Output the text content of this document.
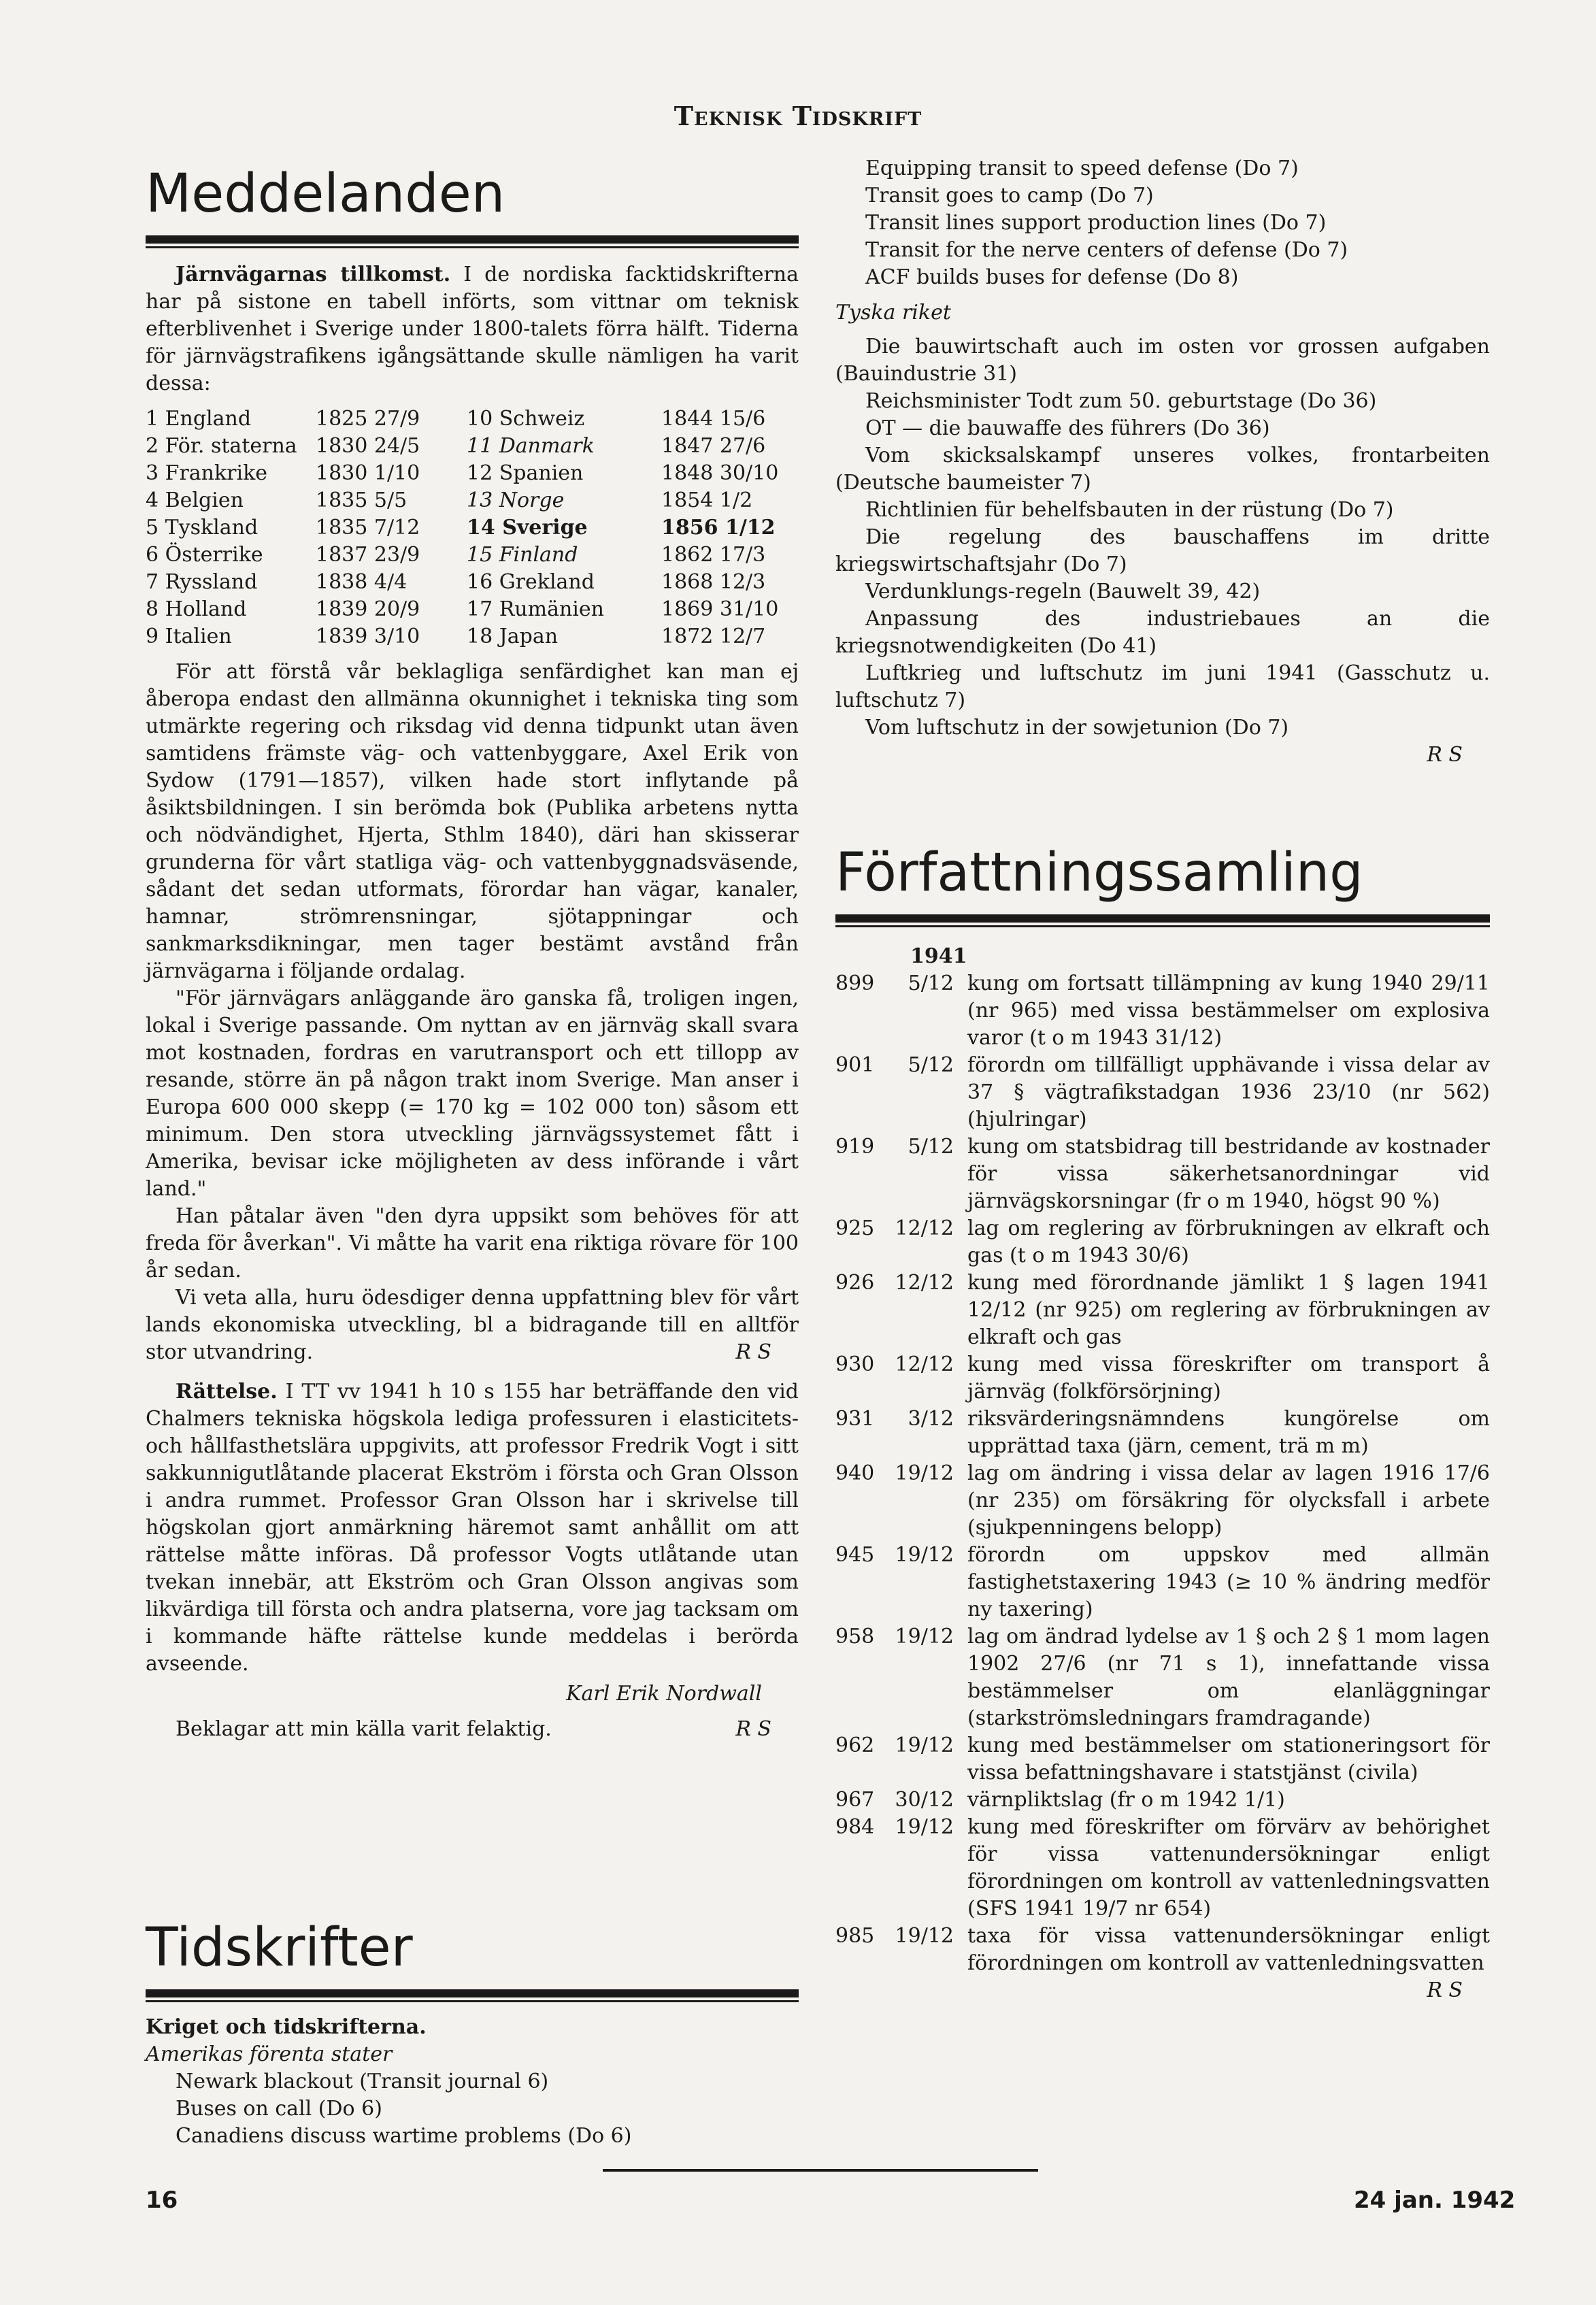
Teknisk Tidskrift
Meddelanden

Järnvägarnas tillkomst. I de nordiska facktidskrifterna har på sistone en tabell införts, som vittnar om teknisk efterblivenhet i Sverige under 1800-talets förra hälft. Tiderna för järnvägstrafikens igångsättande skulle nämligen ha varit dessa:

1 England	1825 27/9	10 Schweiz	1844 15/6
2 För. staterna	1830 24/5	11 Danmark	1847 27/6
3 Frankrike	1830 1/10	12 Spanien	1848 30/10
4 Belgien	1835 5/5	13 Norge	1854 1/2
5 Tyskland	1835 7/12	14 Sverige	1856 1/12
6 Österrike	1837 23/9	15 Finland	1862 17/3
7 Ryssland	1838 4/4	16 Grekland	1868 12/3
8 Holland	1839 20/9	17 Rumänien	1869 31/10
9 Italien	1839 3/10	18 Japan	1872 12/7

För att förstå vår beklagliga senfärdighet kan man ej åberopa endast den allmänna okunnighet i tekniska ting som utmärkte regering och riksdag vid denna tidpunkt utan även samtidens främste väg- och vattenbyggare, Axel Erik von Sydow (1791—1857), vilken hade stort inflytande på åsiktsbildningen. I sin berömda bok (Publika arbetens nytta och nödvändighet, Hjerta, Sthlm 1840), däri han skisserar grunderna för vårt statliga väg- och vattenbyggnadsväsende, sådant det sedan utformats, förordar han vägar, kanaler, hamnar, strömrensningar, sjötappningar och sankmarksdikningar, men tager bestämt avstånd från järnvägarna i följande ordalag.

"För järnvägars anläggande äro ganska få, troligen ingen, lokal i Sverige passande. Om nyttan av en järnväg skall svara mot kostnaden, fordras en varutransport och ett tillopp av resande, större än på någon trakt inom Sverige. Man anser i Europa 600 000 skepp (= 170 kg = 102 000 ton) såsom ett minimum. Den stora utveckling järnvägssystemet fått i Amerika, bevisar icke möjligheten av dess införande i vårt land."

Han påtalar även "den dyra uppsikt som behöves för att freda för åverkan". Vi måtte ha varit ena riktiga rövare för 100 år sedan.

Vi veta alla, huru ödesdiger denna uppfattning blev för vårt lands ekonomiska utveckling, bl a bidragande till en alltför stor utvandring.	R S

Rättelse. I TT vv 1941 h 10 s 155 har beträffande den vid Chalmers tekniska högskola lediga professuren i elasticitets- och hållfasthetslära uppgivits, att professor Fredrik Vogt i sitt sakkunnigutlåtande placerat Ekström i första och Gran Olsson i andra rummet. Professor Gran Olsson har i skrivelse till högskolan gjort anmärkning häremot samt anhållit om att rättelse måtte införas. Då professor Vogts utlåtande utan tvekan innebär, att Ekström och Gran Olsson angivas som likvärdiga till första och andra platserna, vore jag tacksam om i kommande häfte rättelse kunde meddelas i berörda avseende.

Karl Erik Nordwall

Beklagar att min källa varit felaktig.	R S

Tidskrifter
Kriget och tidskrifterna.
Amerikas förenta stater
Newark blackout (Transit journal 6)
Buses on call (Do 6)
Canadiens discuss wartime problems (Do 6)
Equipping transit to speed defense (Do 7)
Transit goes to camp (Do 7)
Transit lines support production lines (Do 7)
Transit for the nerve centers of defense (Do 7)
ACF builds buses for defense (Do 8)
Tyska riket

Die bauwirtschaft auch im osten vor grossen aufgaben (Bauindustrie 31)

Reichsminister Todt zum 50. geburtstage (Do 36)

OT — die bauwaffe des führers (Do 36)

Vom skicksalskampf unseres volkes, frontarbeiten (Deutsche baumeister 7)

Richtlinien für behelfsbauten in der rüstung (Do 7)

Die regelung des bauschaffens im dritte kriegswirtschaftsjahr (Do 7)

Verdunklungs-regeln (Bauwelt 39, 42)

Anpassung des industriebaues an die kriegsnotwendigkeiten (Do 41)

Luftkrieg und luftschutz im juni 1941 (Gasschutz u. luftschutz 7)

Vom luftschutz in der sowjetunion (Do 7)

R S
Författningssamling
1941
899	5/12	kung om fortsatt tillämpning av kung 1940 29/11 (nr 965) med vissa bestämmelser om explosiva varor (t o m 1943 31/12)
901	5/12	förordn om tillfälligt upphävande i vissa delar av 37 § vägtrafikstadgan 1936 23/10 (nr 562) (hjulringar)
919	5/12	kung om statsbidrag till bestridande av kostnader för vissa säkerhetsanordningar vid järnvägskorsningar (fr o m 1940, högst 90 %)
925	12/12	lag om reglering av förbrukningen av elkraft och gas (t o m 1943 30/6)
926	12/12	kung med förordnande jämlikt 1 § lagen 1941 12/12 (nr 925) om reglering av förbrukningen av elkraft och gas
930	12/12	kung med vissa föreskrifter om transport å järnväg (folkförsörjning)
931	3/12	riksvärderingsnämndens kungörelse om upprättad taxa (järn, cement, trä m m)
940	19/12	lag om ändring i vissa delar av lagen 1916 17/6 (nr 235) om försäkring för olycksfall i arbete (sjukpenningens belopp)
945	19/12	förordn om uppskov med allmän fastighetstaxering 1943 (≥ 10 % ändring medför ny taxering)
958	19/12	lag om ändrad lydelse av 1 § och 2 § 1 mom lagen 1902 27/6 (nr 71 s 1), innefattande vissa bestämmelser om elanläggningar (starkströmsledningars framdragande)
962	19/12	kung med bestämmelser om stationeringsort för vissa befattningshavare i statstjänst (civila)
967	30/12	värnpliktslag (fr o m 1942 1/1)
984	19/12	kung med föreskrifter om förvärv av behörighet för vissa vattenundersökningar enligt förordningen om kontroll av vattenledningsvatten (SFS 1941 19/7 nr 654)
985	19/12	taxa för vissa vattenundersökningar enligt förordningen om kontroll av vattenledningsvatten
R S
16	24 jan. 1942
